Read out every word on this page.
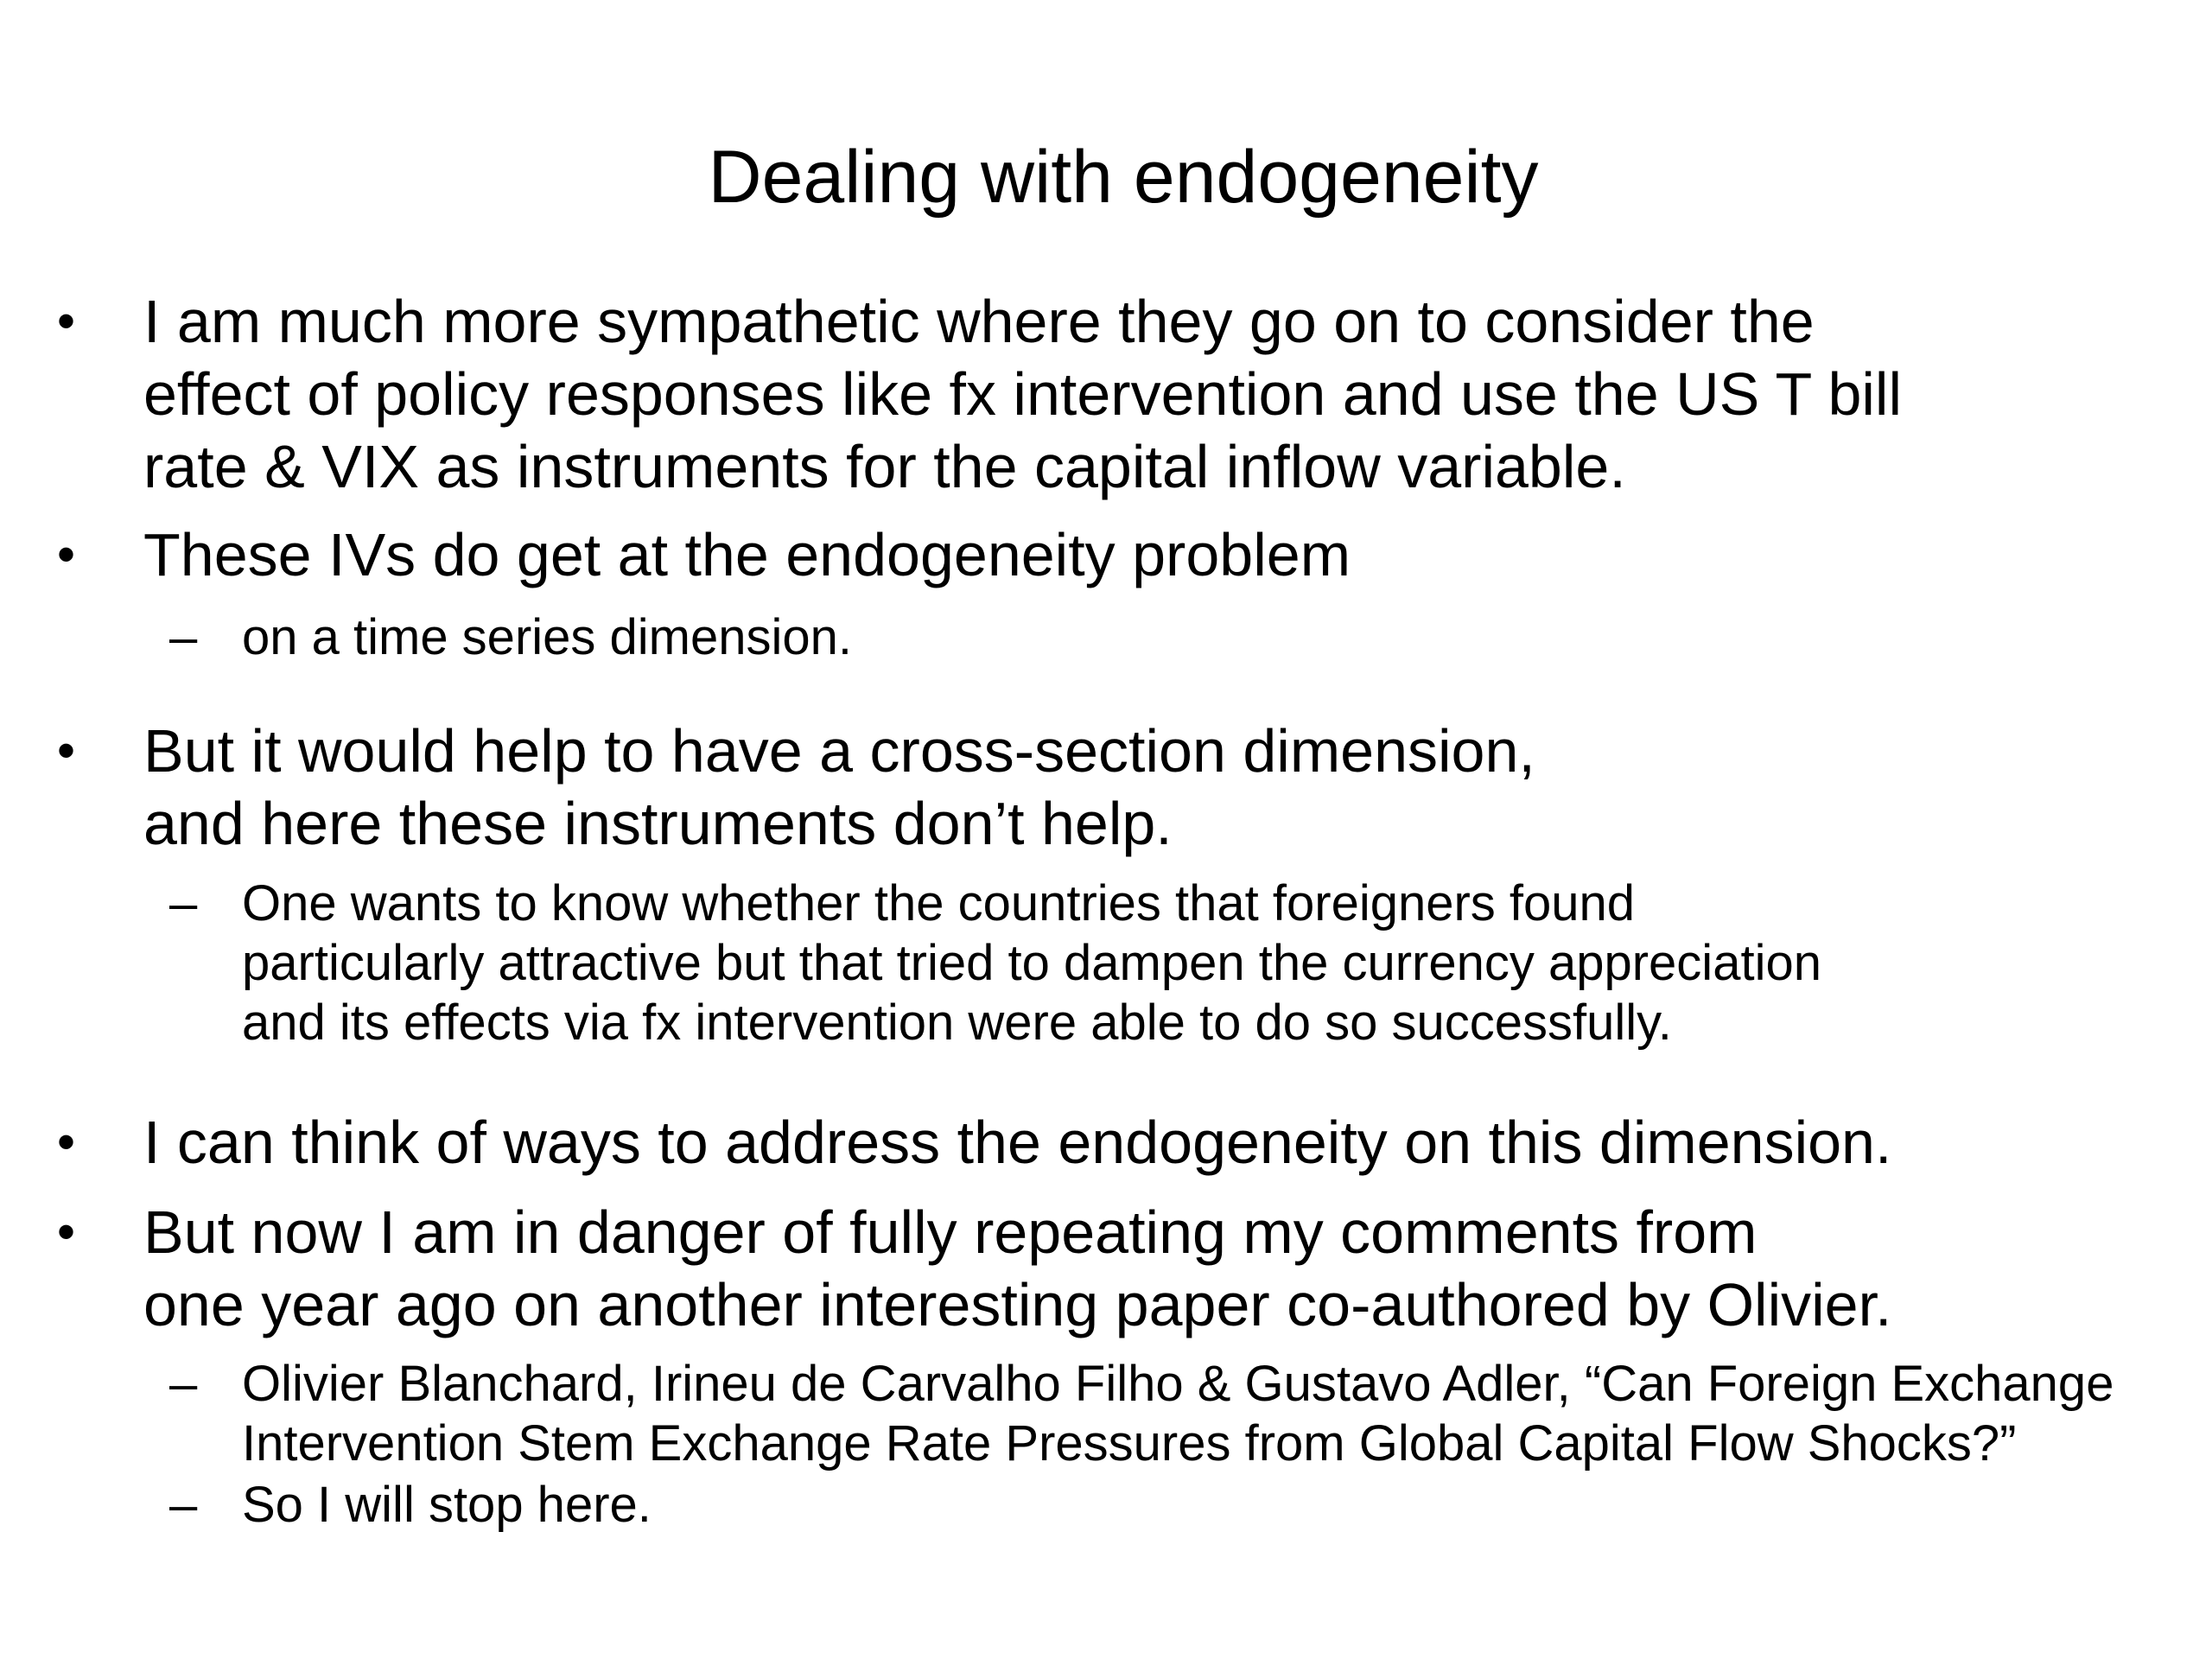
Dealing with endogeneity
• I am much more sympathetic where they go on to consider the
effect of policy responses like fx intervention and use the US T bill
rate & VIX as instruments for the capital inflow variable.
• These IVs do get at the endogeneity problem
– on a time series dimension.
• But it would help to have a cross-section dimension,
and here these instruments don’t help.
– One wants to know whether the countries that foreigners found
particularly attractive but that tried to dampen the currency appreciation
and its effects via fx intervention were able to do so successfully.
• I can think of ways to address the endogeneity on this dimension.
• But now I am in danger of fully repeating my comments from
one year ago on another interesting paper co-authored by Olivier.
– Olivier Blanchard, Irineu de Carvalho Filho & Gustavo Adler, “Can Foreign Exchange
Intervention Stem Exchange Rate Pressures from Global Capital Flow Shocks?”
– So I will stop here.
